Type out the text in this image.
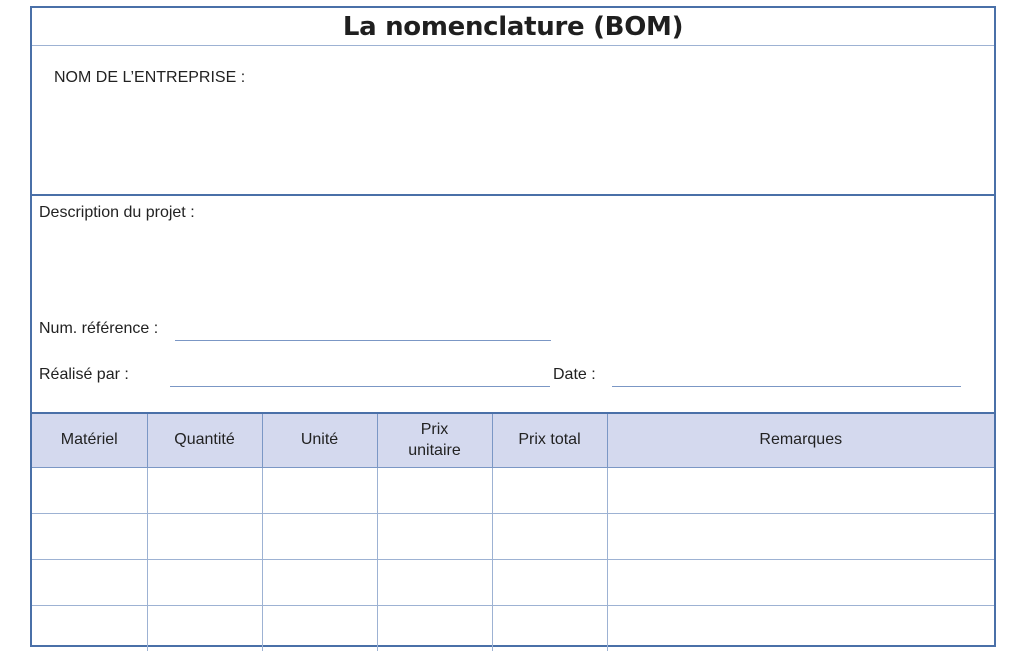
La nomenclature (BOM)
NOM DE L’ENTREPRISE :
Description du projet :
Num. référence :
Réalisé par :	Date :
Matériel	Quantité	Unité	Prix unitaire	Prix total	Remarques
